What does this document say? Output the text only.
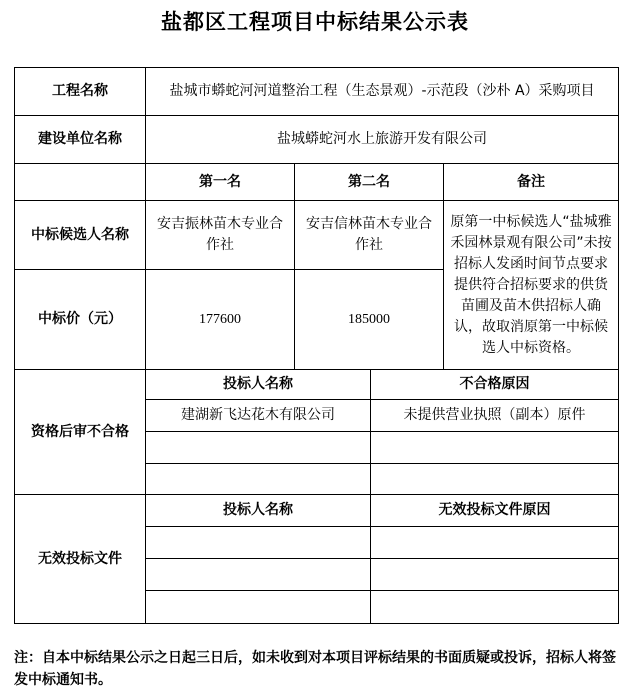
盐都区工程项目中标结果公示表
工程名称	盐城市蟒蛇河河道整治工程（生态景观）-示范段（沙朴 A）采购项目			
建设单位名称	盐城蟒蛇河水上旅游开发有限公司			
	第一名	第二名		备注
中标候选人名称	安吉振林苗木专业合作社	安吉信林苗木专业合作社		原第一中标候选人“盐城雅禾园林景观有限公司”未按招标人发函时间节点要求提供符合招标要求的供货苗圃及苗木供招标人确认，故取消原第一中标候选人中标资格。
中标价（元）	177600	185000		
资格后审不合格	投标人名称		不合格原因	
	建湖新飞达花木有限公司		未提供营业执照（副本）原件	

无效投标文件	投标人名称		无效投标文件原因	

注：自本中标结果公示之日起三日后，如未收到对本项目评标结果的书面质疑或投诉，招标人将签发中标通知书。
